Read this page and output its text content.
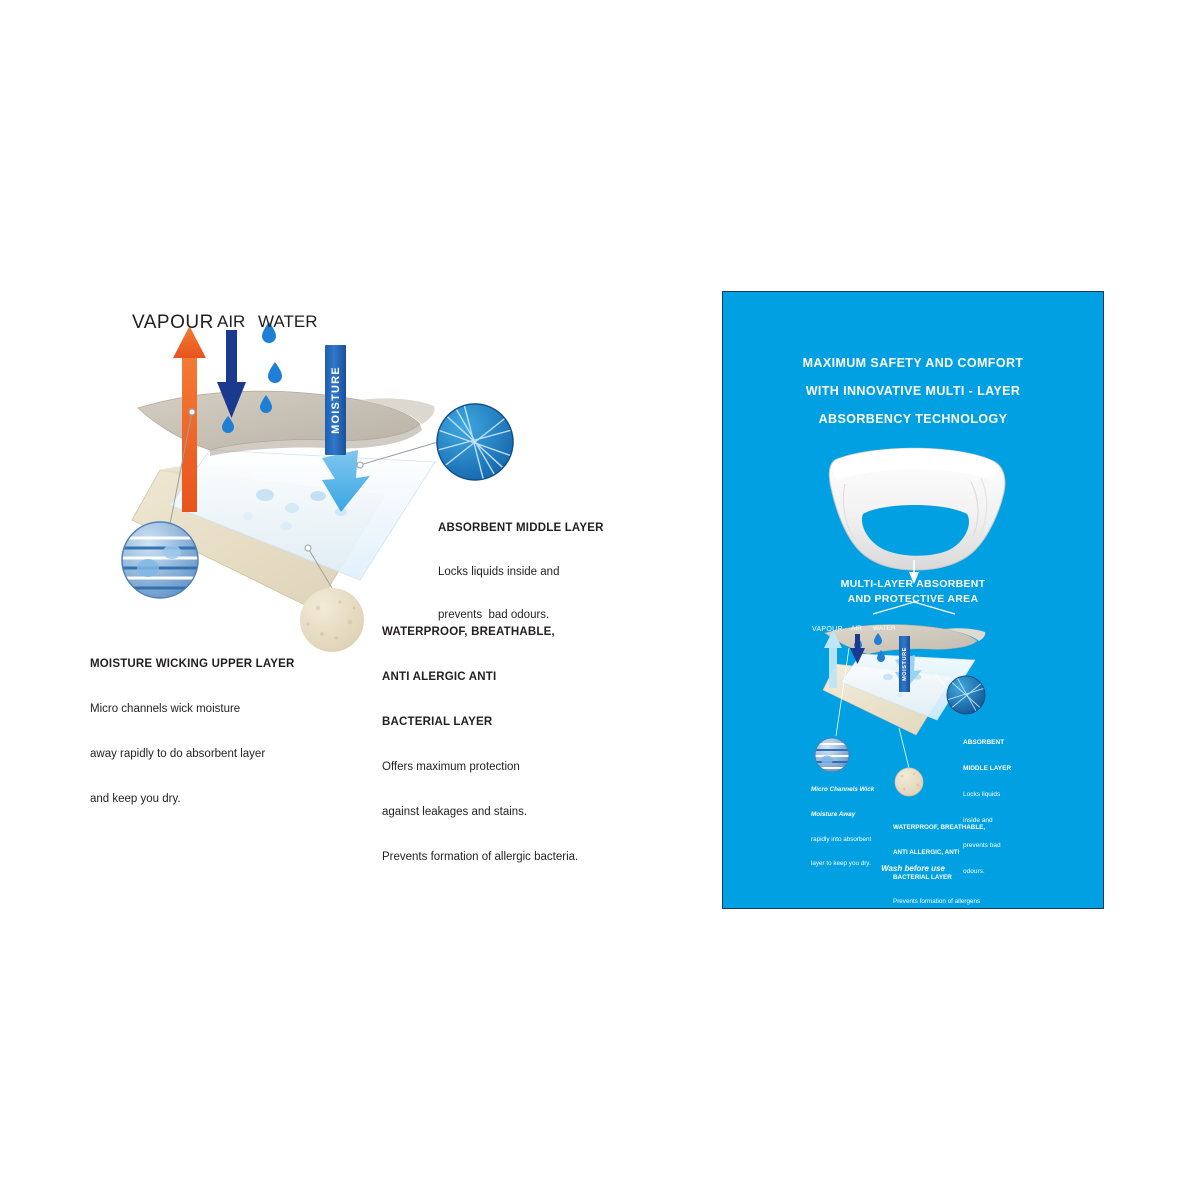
VAPOUR AIR WATER
MOISTURE

ABSORBENT MIDDLE LAYER

Locks liquids inside and

prevents  bad odours.

MOISTURE WICKING UPPER LAYER

Micro channels wick moisture

away rapidly to do absorbent layer

and keep you dry.

WATERPROOF, BREATHABLE,

ANTI ALERGIC ANTI

BACTERIAL LAYER

Offers maximum protection

against leakages and stains.

Prevents formation of allergic bacteria.

MAXIMUM SAFETY AND COMFORT
WITH INNOVATIVE MULTI - LAYER
ABSORBENCY TECHNOLOGY
MULTI-LAYER ABSORBENT
AND PROTECTIVE AREA
VAPOUR AIR WATER
MOISTURE

ABSORBENT

MIDDLE LAYER

Locks liquids

inside and

prevents bad

odours.

Micro Channels Wick

Moisture Away

rapidly into absorbent

layer to keep you dry.

WATERPROOF, BREATHABLE,

ANTI ALLERGIC, ANTI

BACTERIAL LAYER

Prevents formation of allergens

and bacteria.

Wash before use
